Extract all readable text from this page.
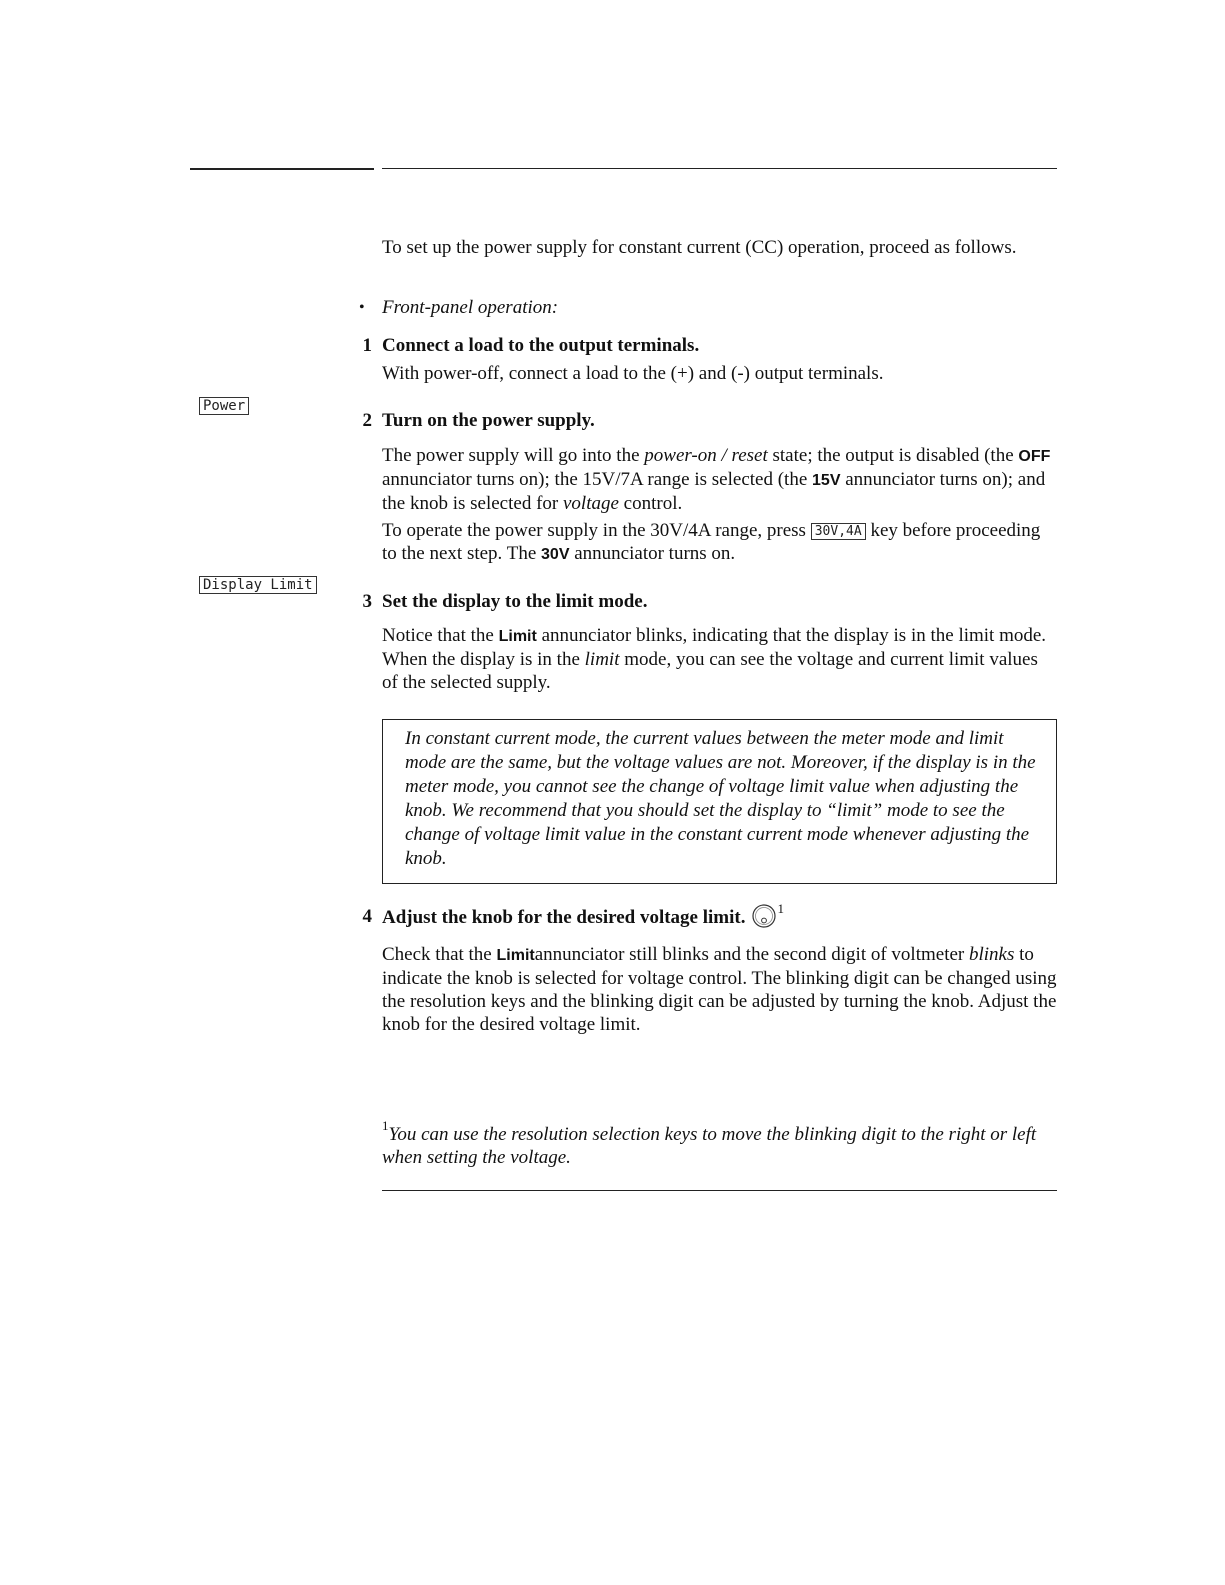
Power
Display Limit
To set up the power supply for constant current (CC) operation, proceed as follows.
• Front-panel operation:
1 Connect a load to the output terminals.
With power-off, connect a load to the (+) and (-) output terminals.
2 Turn on the power supply.
The power supply will go into the power-on / reset state; the output is disabled (the OFF annunciator turns on); the 15V/7A range is selected (the 15V annunciator turns on); and the knob is selected for voltage control.
To operate the power supply in the 30V/4A range, press 30V,4A key before proceeding to the next step. The 30V annunciator turns on.
3 Set the display to the limit mode.
Notice that the Limit annunciator blinks, indicating that the display is in the limit mode. When the display is in the limit mode, you can see the voltage and current limit values of the selected supply.
In constant current mode, the current values between the meter mode and limit mode are the same, but the voltage values are not. Moreover, if the display is in the meter mode, you cannot see the change of voltage limit value when adjusting the knob. We recommend that you should set the display to “limit” mode to see the change of voltage limit value in the constant current mode whenever adjusting the knob.
4 Adjust the knob for the desired voltage limit. $^1$
Check that the Limitannunciator still blinks and the second digit of voltmeter blinks to indicate the knob is selected for voltage control. The blinking digit can be changed using the resolution keys and the blinking digit can be adjusted by turning the knob. Adjust the knob for the desired voltage limit.
$^1$You can use the resolution selection keys to move the blinking digit to the right or left when setting the voltage.
